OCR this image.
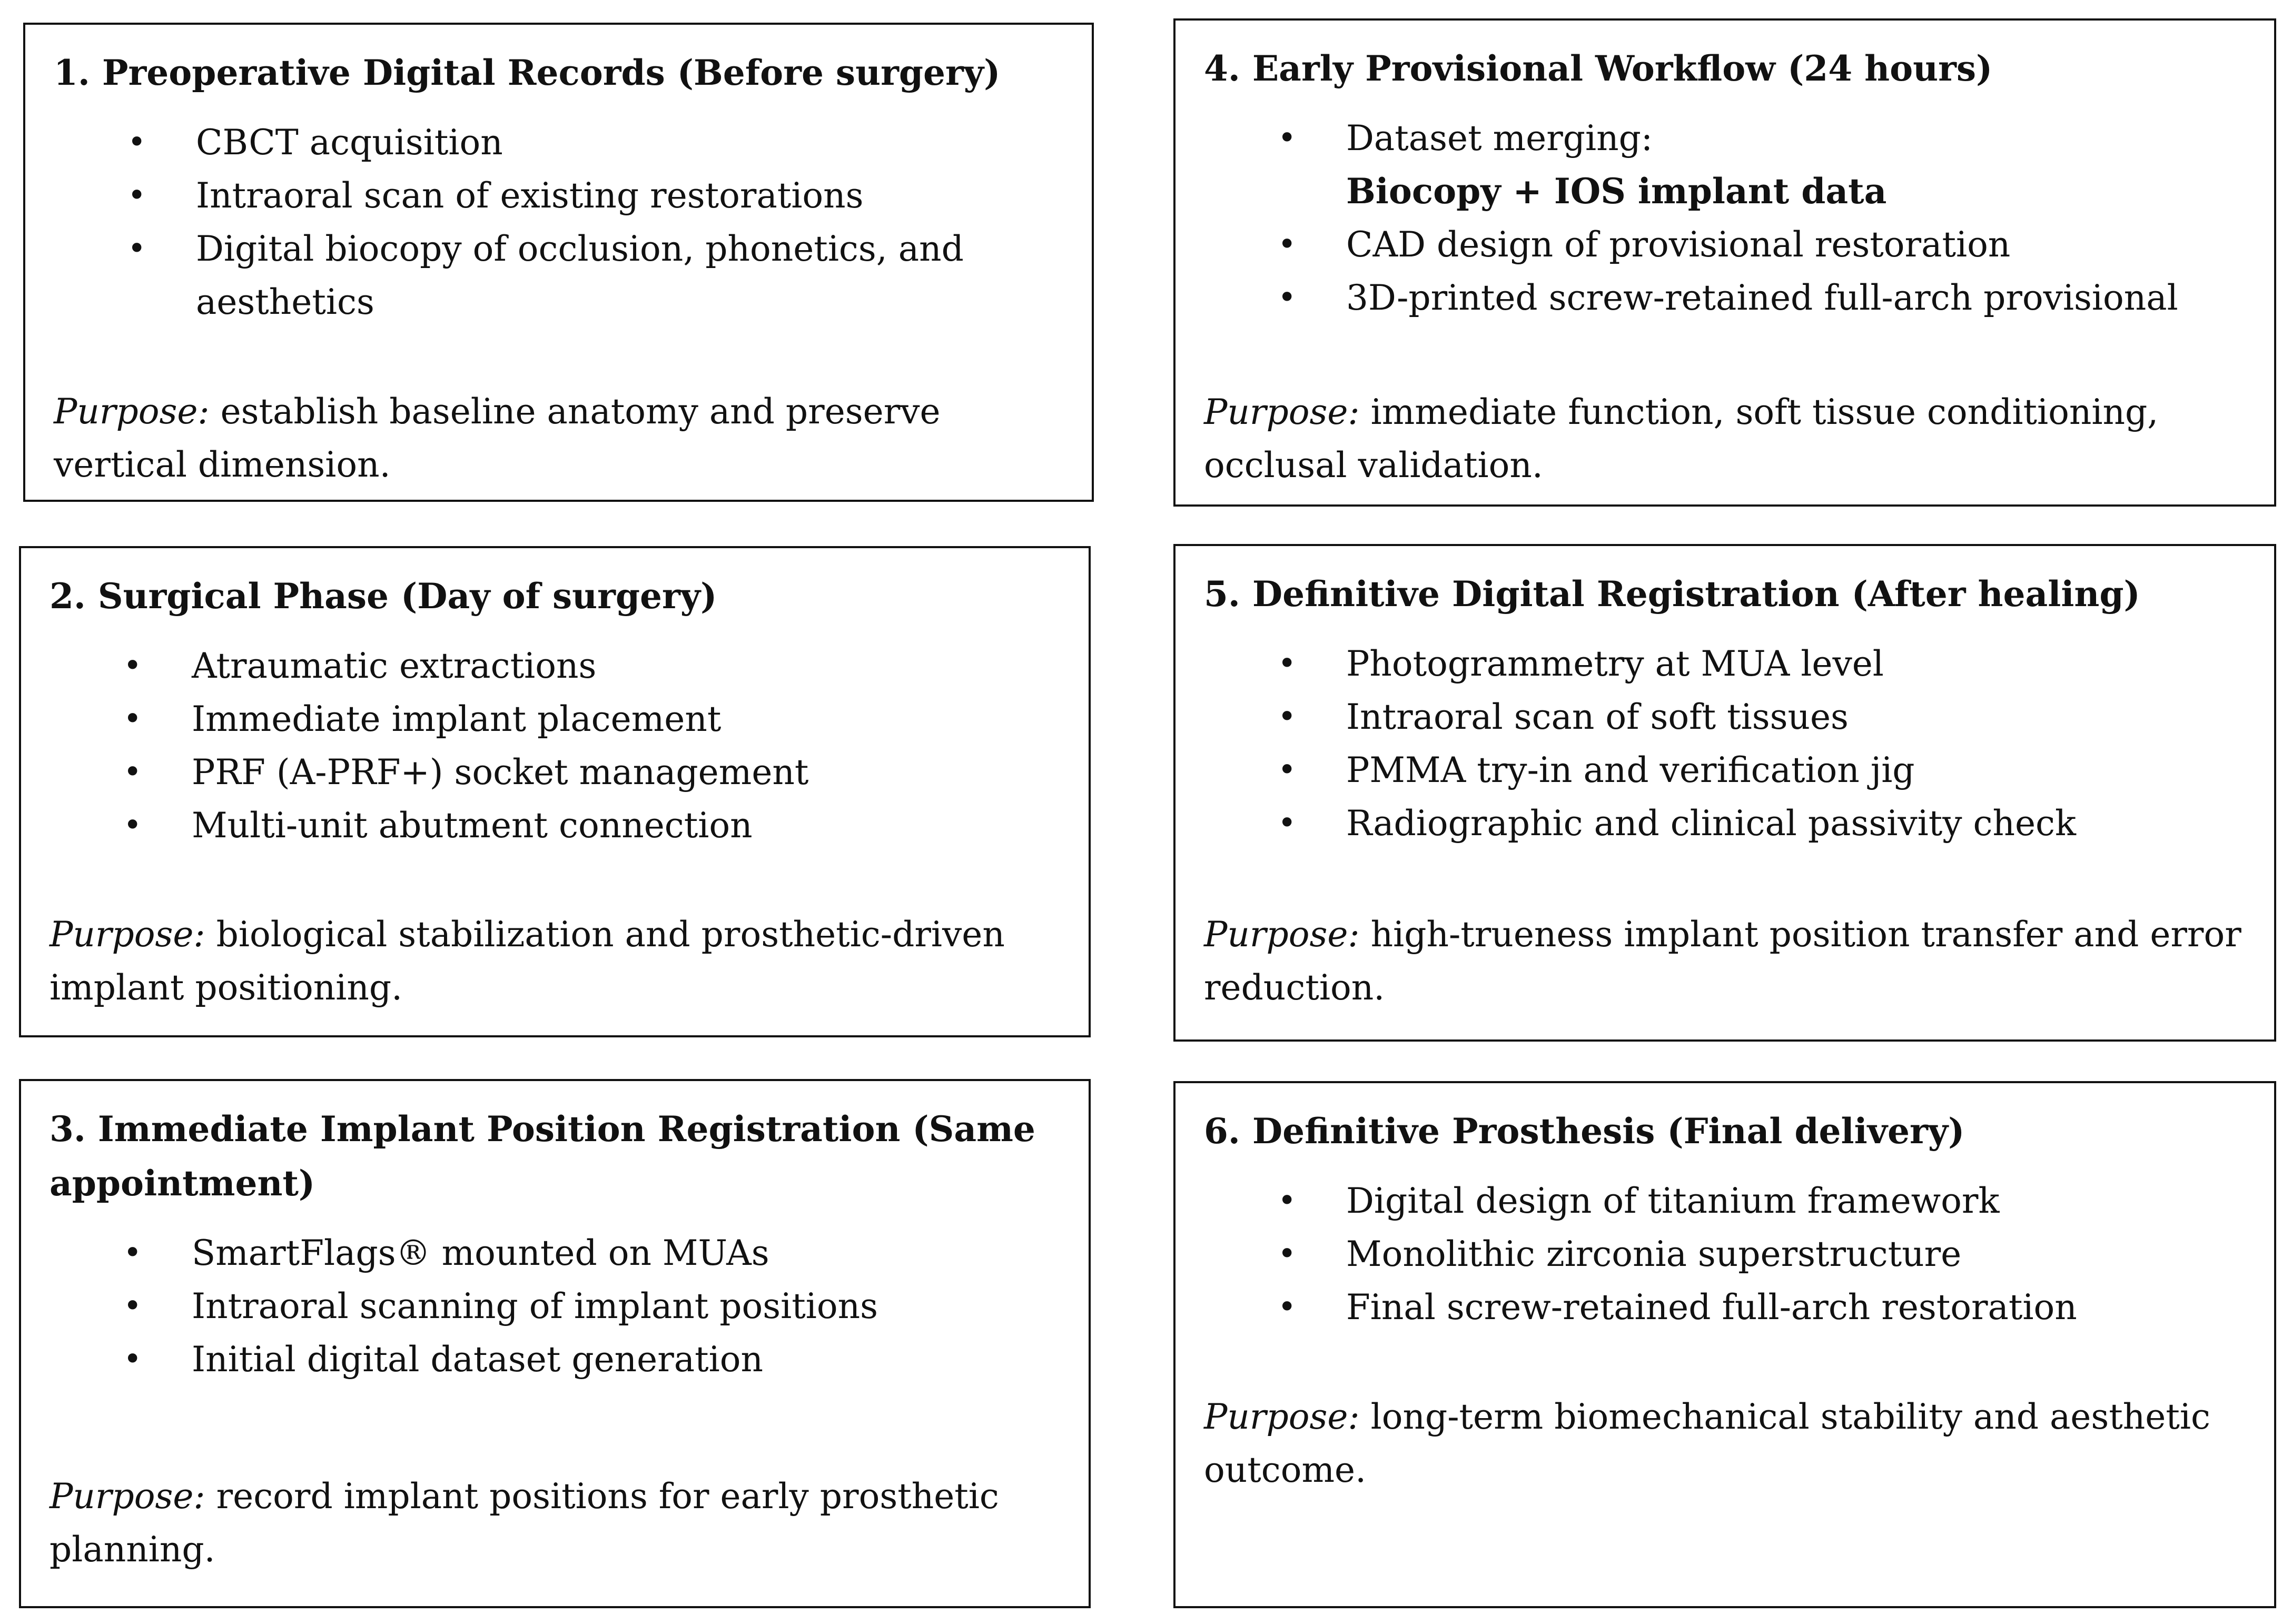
1. Preoperative Digital Records (Before surgery)

• CBCT acquisition
• Intraoral scan of existing restorations
• Digital biocopy of occlusion, phonetics, and aesthetics
Purpose: establish baseline anatomy and preserve vertical dimension.

2. Surgical Phase (Day of surgery)

• Atraumatic extractions
• Immediate implant placement
• PRF (A-PRF+) socket management
• Multi-unit abutment connection
Purpose: biological stabilization and prosthetic-driven implant positioning.

3. Immediate Implant Position Registration (Same appointment)

• SmartFlags® mounted on MUAs
• Intraoral scanning of implant positions
• Initial digital dataset generation
Purpose: record implant positions for early prosthetic planning.

4. Early Provisional Workflow (24 hours)

• Dataset merging:
Biocopy + IOS implant data
• CAD design of provisional restoration
• 3D-printed screw-retained full-arch provisional
Purpose: immediate function, soft tissue conditioning, occlusal validation.

5. Definitive Digital Registration (After healing)

• Photogrammetry at MUA level
• Intraoral scan of soft tissues
• PMMA try-in and verification jig
• Radiographic and clinical passivity check
Purpose: high-trueness implant position transfer and error reduction.

6. Definitive Prosthesis (Final delivery)

• Digital design of titanium framework
• Monolithic zirconia superstructure
• Final screw-retained full-arch restoration
Purpose: long-term biomechanical stability and aesthetic outcome.
